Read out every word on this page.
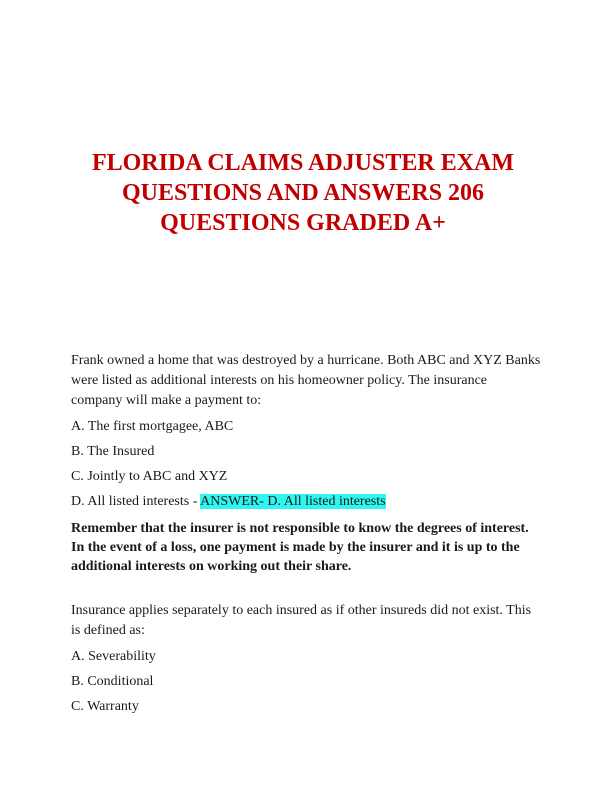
FLORIDA CLAIMS ADJUSTER EXAM
QUESTIONS AND ANSWERS 206
QUESTIONS GRADED A+

Frank owned a home that was destroyed by a hurricane. Both ABC and XYZ Banks were listed as additional interests on his homeowner policy. The insurance company will make a payment to:

A. The first mortgagee, ABC

B. The Insured

C. Jointly to ABC and XYZ

D. All listed interests - ANSWER- D. All listed interests

Remember that the insurer is not responsible to know the degrees of interest. In the event of a loss, one payment is made by the insurer and it is up to the additional interests on working out their share.

Insurance applies separately to each insured as if other insureds did not exist. This is defined as:

A. Severability

B. Conditional

C. Warranty
